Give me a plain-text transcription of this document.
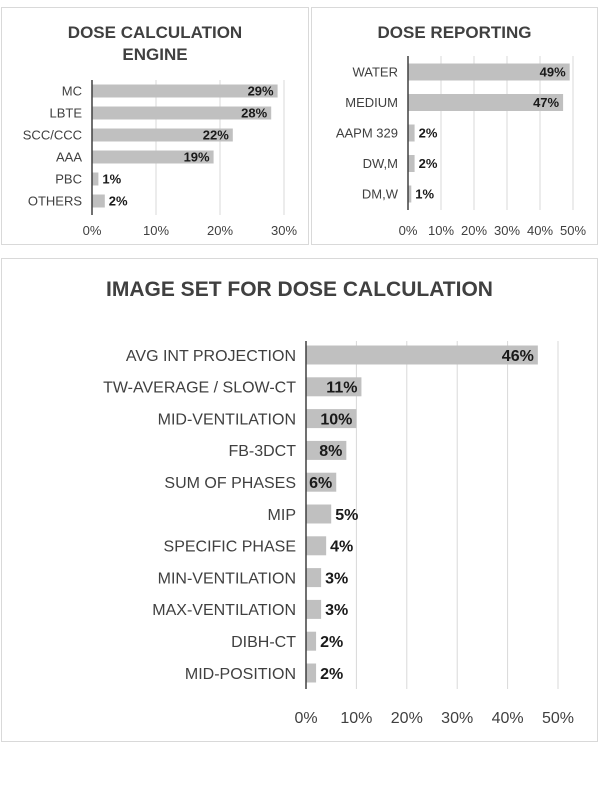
DOSE CALCULATION
ENGINE
MC	29%
LBTE	28%
SCC/CCC	22%
AAA	19%
PBC 1%
OTHERS 2%
0%	10%	20%	30%
DOSE REPORTING
WATER	49%
MEDIUM	47%
AAPM 329 2%
DW,M 2%
DM,W 1%
0% 10% 20% 30% 40% 50%
IMAGE SET FOR DOSE CALCULATION
AVG INT PROJECTION	46%
TW-AVERAGE / SLOW-CT 11%
MID-VENTILATION 10%
FB-3DCT 8%
SUM OF PHASES 6%
MIP 5%
SPECIFIC PHASE 4%
MIN-VENTILATION 3%
MAX-VENTILATION 3%
DIBH-CT 2%
MID-POSITION 2%
0% 10% 20% 30% 40% 50%
